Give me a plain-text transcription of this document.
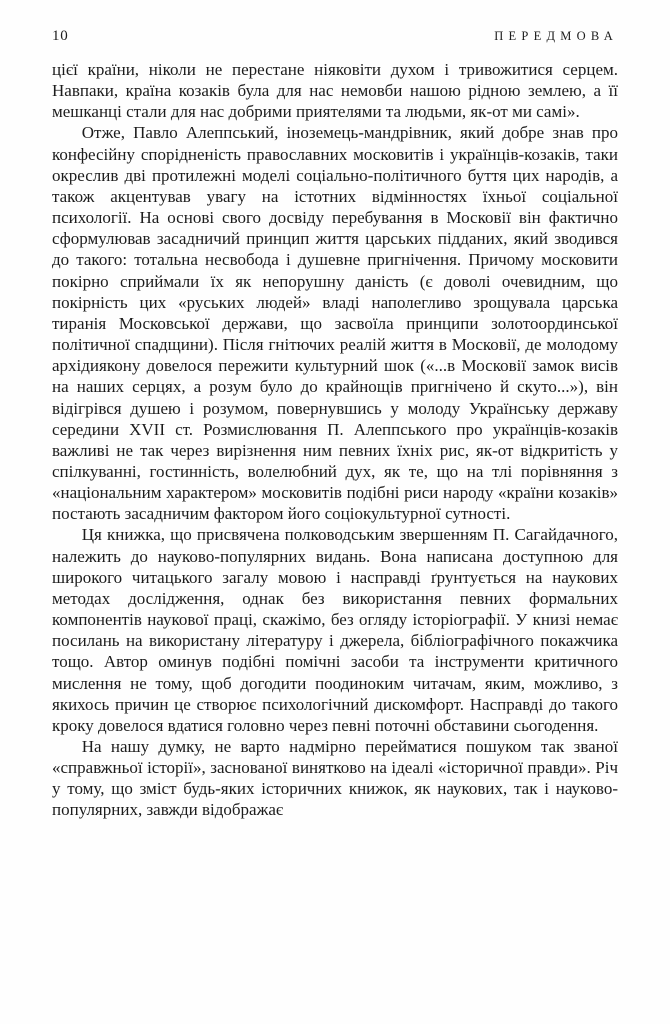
10	ПЕРЕДМОВА

цієї країни, ніколи не перестане ніяковіти духом і тривожитися серцем. Навпаки, країна козаків була для нас немовби нашою рідною землею, а її мешканці стали для нас добрими приятелями та людьми, як-от ми самі».

Отже, Павло Алеппський, іноземець-мандрівник, який добре знав про конфесійну спорідненість православних московитів і українців-козаків, таки окреслив дві протилежні моделі соціально-політичного буття цих народів, а також акцентував увагу на істотних відмінностях їхньої соціальної психології. На основі свого досвіду перебування в Московії він фактично сформулював засадничий принцип життя царських підданих, який зводився до такого: тотальна несвобода і душевне пригнічення. Причому московити покірно сприймали їх як непорушну даність (є доволі очевидним, що покірність цих «руських людей» владі наполегливо зрощувала царська тиранія Московської держави, що засвоїла принципи золотоординської політичної спадщини). Після гнітючих реалій життя в Московії, де молодому архідиякону довелося пережити культурний шок («...в Московії замок висів на наших серцях, а розум було до крайнощів пригнічено й скуто...»), він відігрівся душею і розумом, повернувшись у молоду Українську державу середини XVII ст. Розмислювання П. Алеппського про українців-козаків важливі не так через вирізнення ним певних їхніх рис, як-от відкритість у спілкуванні, гостинність, волелюбний дух, як те, що на тлі порівняння з «національним характером» московитів подібні риси народу «країни козаків» постають засадничим фактором його соціокультурної сутності.

Ця книжка, що присвячена полководським звершенням П. Сагайдачного, належить до науково-популярних видань. Вона написана доступною для широкого читацького загалу мовою і насправді ґрунтується на наукових методах дослідження, однак без використання певних формальних компонентів наукової праці, скажімо, без огляду історіографії. У книзі немає посилань на використану літературу і джерела, бібліографічного покажчика тощо. Автор оминув подібні помічні засоби та інструменти критичного мислення не тому, щоб догодити поодиноким читачам, яким, можливо, з якихось причин це створює психологічний дискомфорт. Насправді до такого кроку довелося вдатися головно через певні поточні обставини сьогодення.

На нашу думку, не варто надмірно перейматися пошуком так званої «справжньої історії», заснованої винятково на ідеалі «історичної правди». Річ у тому, що зміст будь-яких історичних книжок, як наукових, так і науково-популярних, завжди відображає
